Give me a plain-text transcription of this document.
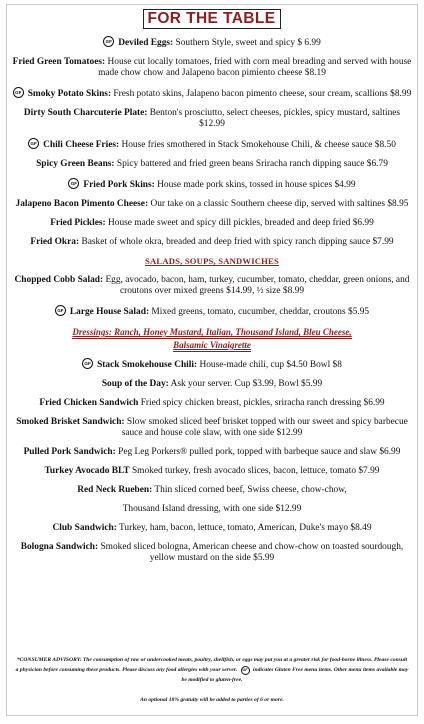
FOR THE TABLE
GF Deviled Eggs: Southern Style, sweet and spicy $ 6.99
Fried Green Tomatoes: House cut locally tomatoes, fried with corn meal breading and served with house made chow chow and Jalapeno bacon pimiento cheese $8.19
GF Smoky Potato Skins: Fresh potato skins, Jalapeno bacon pimento cheese, sour cream, scallions $8.99
Dirty South Charcuterie Plate: Benton's prosciutto, select cheeses, pickles, spicy mustard, saltines $12.99
GF Chili Cheese Fries: House fries smothered in Stack Smokehouse Chili, & cheese sauce $8.50
Spicy Green Beans: Spicy battered and fried green beans Sriracha ranch dipping sauce $6.79
GF Fried Pork Skins: House made pork skins, tossed in house spices $4.99
Jalapeno Bacon Pimento Cheese: Our take on a classic Southern cheese dip, served with saltines $8.95
Fried Pickles: House made sweet and spicy dill pickles, breaded and deep fried $6.99
Fried Okra: Basket of whole okra, breaded and deep fried with spicy ranch dipping sauce $7.99
SALADS, SOUPS, SANDWICHES
Chopped Cobb Salad: Egg, avocado, bacon, ham, turkey, cucumber, tomato, cheddar, green onions, and croutons over mixed greens $14.99, ½ size $8.99
GF Large House Salad: Mixed greens, tomato, cucumber, cheddar, croutons $5.95
Dressings: Ranch, Honey Mustard, Italian, Thousand Island, Bleu Cheese,
Balsamic Vinaigrette
GF Stack Smokehouse Chili: House-made chili, cup $4.50 Bowl $8
Soup of the Day: Ask your server. Cup $3.99, Bowl $5.99
Fried Chicken Sandwich Fried spicy chicken breast, pickles, sriracha ranch dressing $6.99
Smoked Brisket Sandwich: Slow smoked sliced beef brisket topped with our sweet and spicy barbecue sauce and house cole slaw, with one side $12.99
Pulled Pork Sandwich: Peg Leg Porkers® pulled pork, topped with barbeque sauce and slaw $6.99
Turkey Avocado BLT Smoked turkey, fresh avocado slices, bacon, lettuce, tomato $7.99
Red Neck Rueben: Thin sliced corned beef, Swiss cheese, chow-chow,
Thousand Island dressing, with one side $12.99
Club Sandwich: Turkey, ham, bacon, lettuce, tomato, American, Duke's mayo $8.49
Bologna Sandwich: Smoked sliced bologna, American cheese and chow-chow on toasted sourdough, yellow mustard on the side $5.99
*CONSUMER ADVISORY: The consumption of raw or undercooked meats, poultry, shellfish, or eggs may put you at a greater risk for food-borne illness. Please consult a physician before consuming these products. Please discuss any food allergies with your server. GF indicates Gluten Free menu items. Other menu items available may be modified to gluten-free.
An optional 18% gratuity will be added to parties of 6 or more.
